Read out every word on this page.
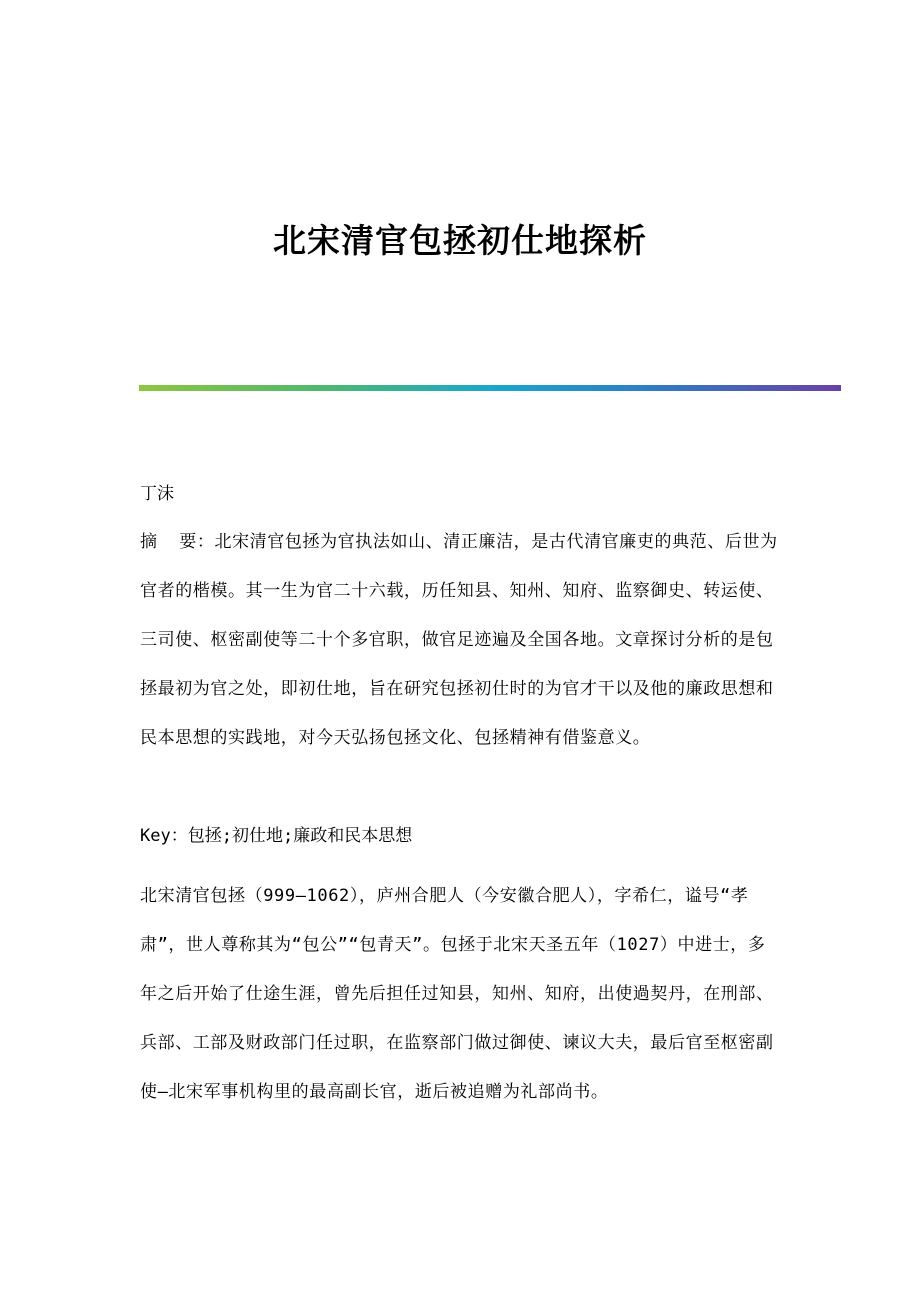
北宋清官包拯初仕地探析

丁沫

摘  要：北宋清官包拯为官执法如山、清正廉洁，是古代清官廉吏的典范、后世为官者的楷模。其一生为官二十六载，历任知县、知州、知府、监察御史、转运使、三司使、枢密副使等二十个多官职，做官足迹遍及全国各地。文章探讨分析的是包拯最初为官之处，即初仕地，旨在研究包拯初仕时的为官才干以及他的廉政思想和民本思想的实践地，对今天弘扬包拯文化、包拯精神有借鉴意义。

Key：包拯;初仕地;廉政和民本思想

北宋清官包拯（999—1062），庐州合肥人（今安徽合肥人），字希仁，谥号“孝肃”，世人尊称其为“包公”“包青天”。包拯于北宋天圣五年（1027）中进士，多年之后开始了仕途生涯，曾先后担任过知县，知州、知府，出使過契丹，在刑部、兵部、工部及财政部门任过职，在监察部门做过御使、谏议大夫，最后官至枢密副使—北宋军事机构里的最高副长官，逝后被追赠为礼部尚书。
